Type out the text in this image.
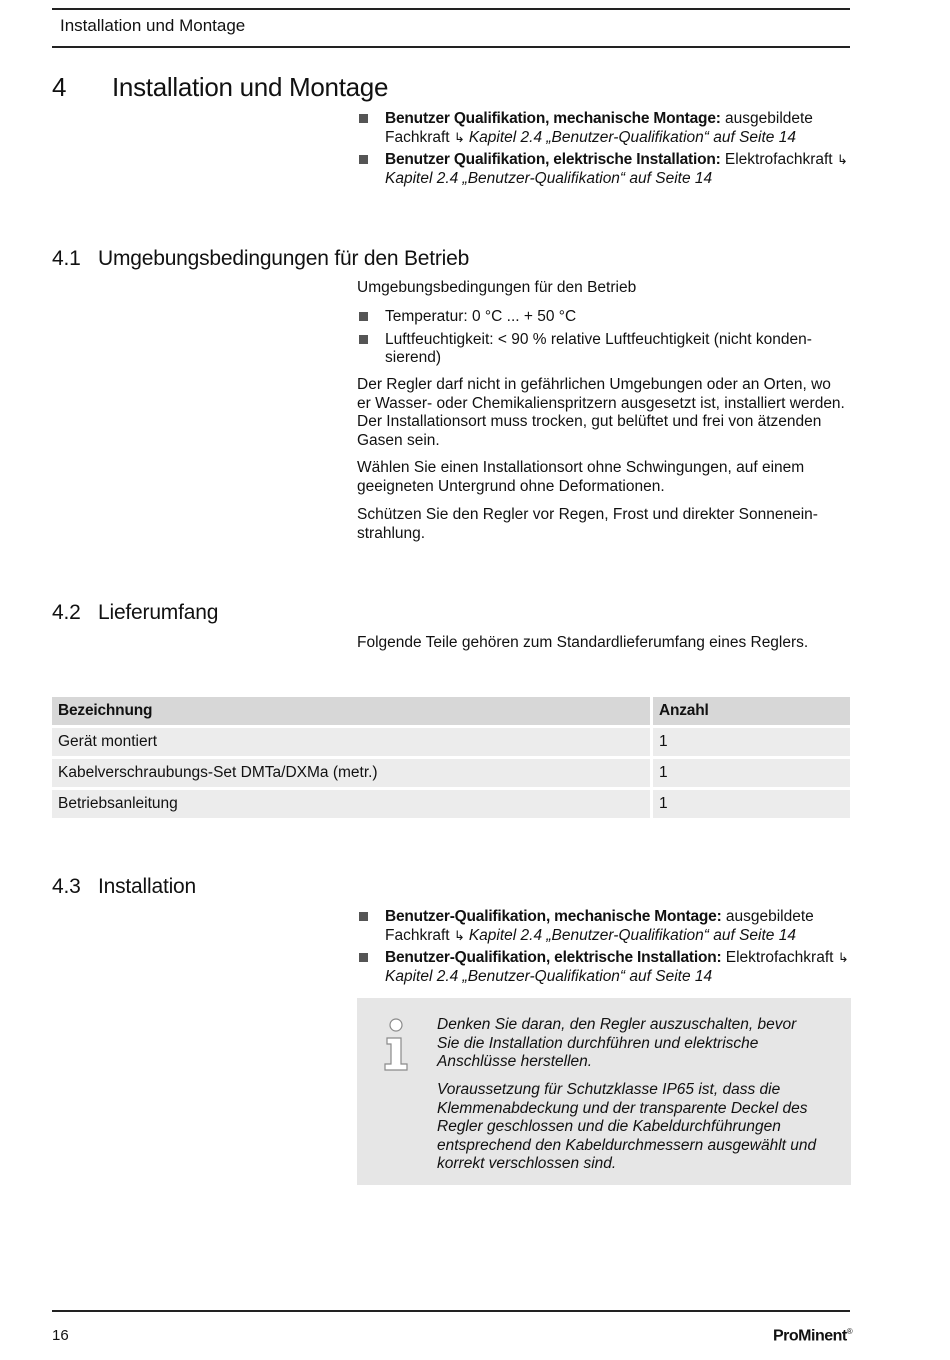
Installation und Montage
4 Installation und Montage
Benutzer Qualifikation, mechanische Montage: ausgebildete Fachkraft ↳ Kapitel 2.4 „Benutzer-Qualifikation“ auf Seite 14
Benutzer Qualifikation, elektrische Installation: Elektrofachkraft ↳Kapitel 2.4 „Benutzer-Qualifikation“ auf Seite 14
4.1 Umgebungsbedingungen für den Betrieb

Umgebungsbedingungen für den Betrieb

Temperatur: 0 °C ... + 50 °C
Luftfeuchtigkeit: < 90 % relative Luftfeuchtigkeit (nicht kondensierend)

Der Regler darf nicht in gefährlichen Umgebungen oder an Orten, wo er Wasser- oder Chemikalienspritzern ausgesetzt ist, installiert werden. Der Installationsort muss trocken, gut belüftet und frei von ätzenden Gasen sein.

Wählen Sie einen Installationsort ohne Schwingungen, auf einem geeigneten Untergrund ohne Deformationen.

Schützen Sie den Regler vor Regen, Frost und direkter Sonneneinstrahlung.

4.2 Lieferumfang

Folgende Teile gehören zum Standardlieferumfang eines Reglers.

Bezeichnung	Anzahl
Gerät montiert	1
Kabelverschraubungs-Set DMTa/DXMa (metr.)	1
Betriebsanleitung	1
4.3 Installation
Benutzer-Qualifikation, mechanische Montage: ausgebildete Fachkraft ↳ Kapitel 2.4 „Benutzer-Qualifikation“ auf Seite 14
Benutzer-Qualifikation, elektrische Installation: Elektrofachkraft ↳Kapitel 2.4 „Benutzer-Qualifikation“ auf Seite 14

Denken Sie daran, den Regler auszuschalten, bevor Sie die Installation durchführen und elektrische Anschlüsse herstellen.

Voraussetzung für Schutzklasse IP65 ist, dass die Klemmenabdeckung und der transparente Deckel des Regler geschlossen und die Kabeldurchführungen entsprechend den Kabeldurchmessern ausgewählt und korrekt verschlossen sind.

16	ProMinent®
